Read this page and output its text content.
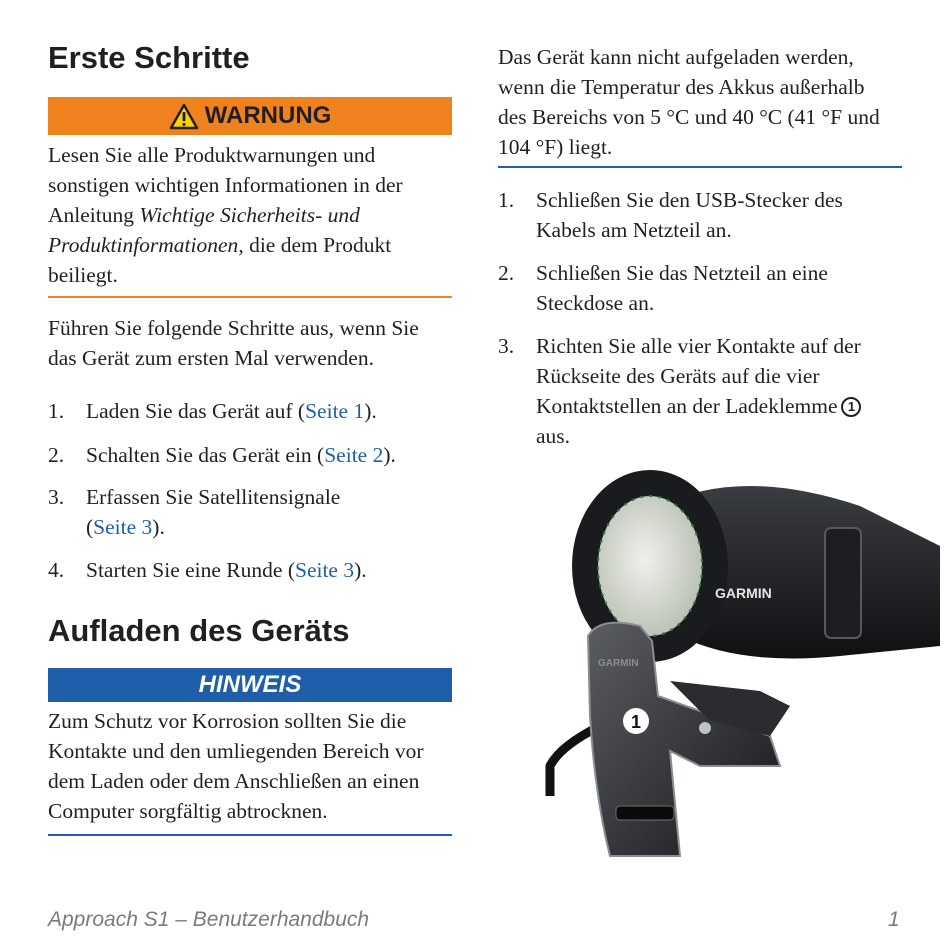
Erste Schritte
WARNUNG

Lesen Sie alle Produktwarnungen und sonstigen wichtigen Informationen in der Anleitung Wichtige Sicherheits- und Produktinformationen, die dem Produkt beiliegt.

Führen Sie folgende Schritte aus, wenn Sie das Gerät zum ersten Mal verwenden.

1. Laden Sie das Gerät auf (Seite 1).
2. Schalten Sie das Gerät ein (Seite 2).
3. Erfassen Sie Satellitensignale (Seite 3).
4. Starten Sie eine Runde (Seite 3).
Aufladen des Geräts
HINWEIS

Zum Schutz vor Korrosion sollten Sie die Kontakte und den umliegenden Bereich vor dem Laden oder dem Anschließen an einen Computer sorgfältig abtrocknen.

Das Gerät kann nicht aufgeladen werden, wenn die Temperatur des Akkus außerhalb des Bereichs von 5 °C und 40 °C (41 °F und 104 °F) liegt.

1. Schließen Sie den USB-Stecker des Kabels am Netzteil an.
2. Schließen Sie das Netzteil an eine Steckdose an.
3. Richten Sie alle vier Kontakte auf der Rückseite des Geräts auf die vier Kontaktstellen an der Ladeklemme 1
aus.
GARMIN
GARMIN
1
Approach S1 – Benutzerhandbuch	1
